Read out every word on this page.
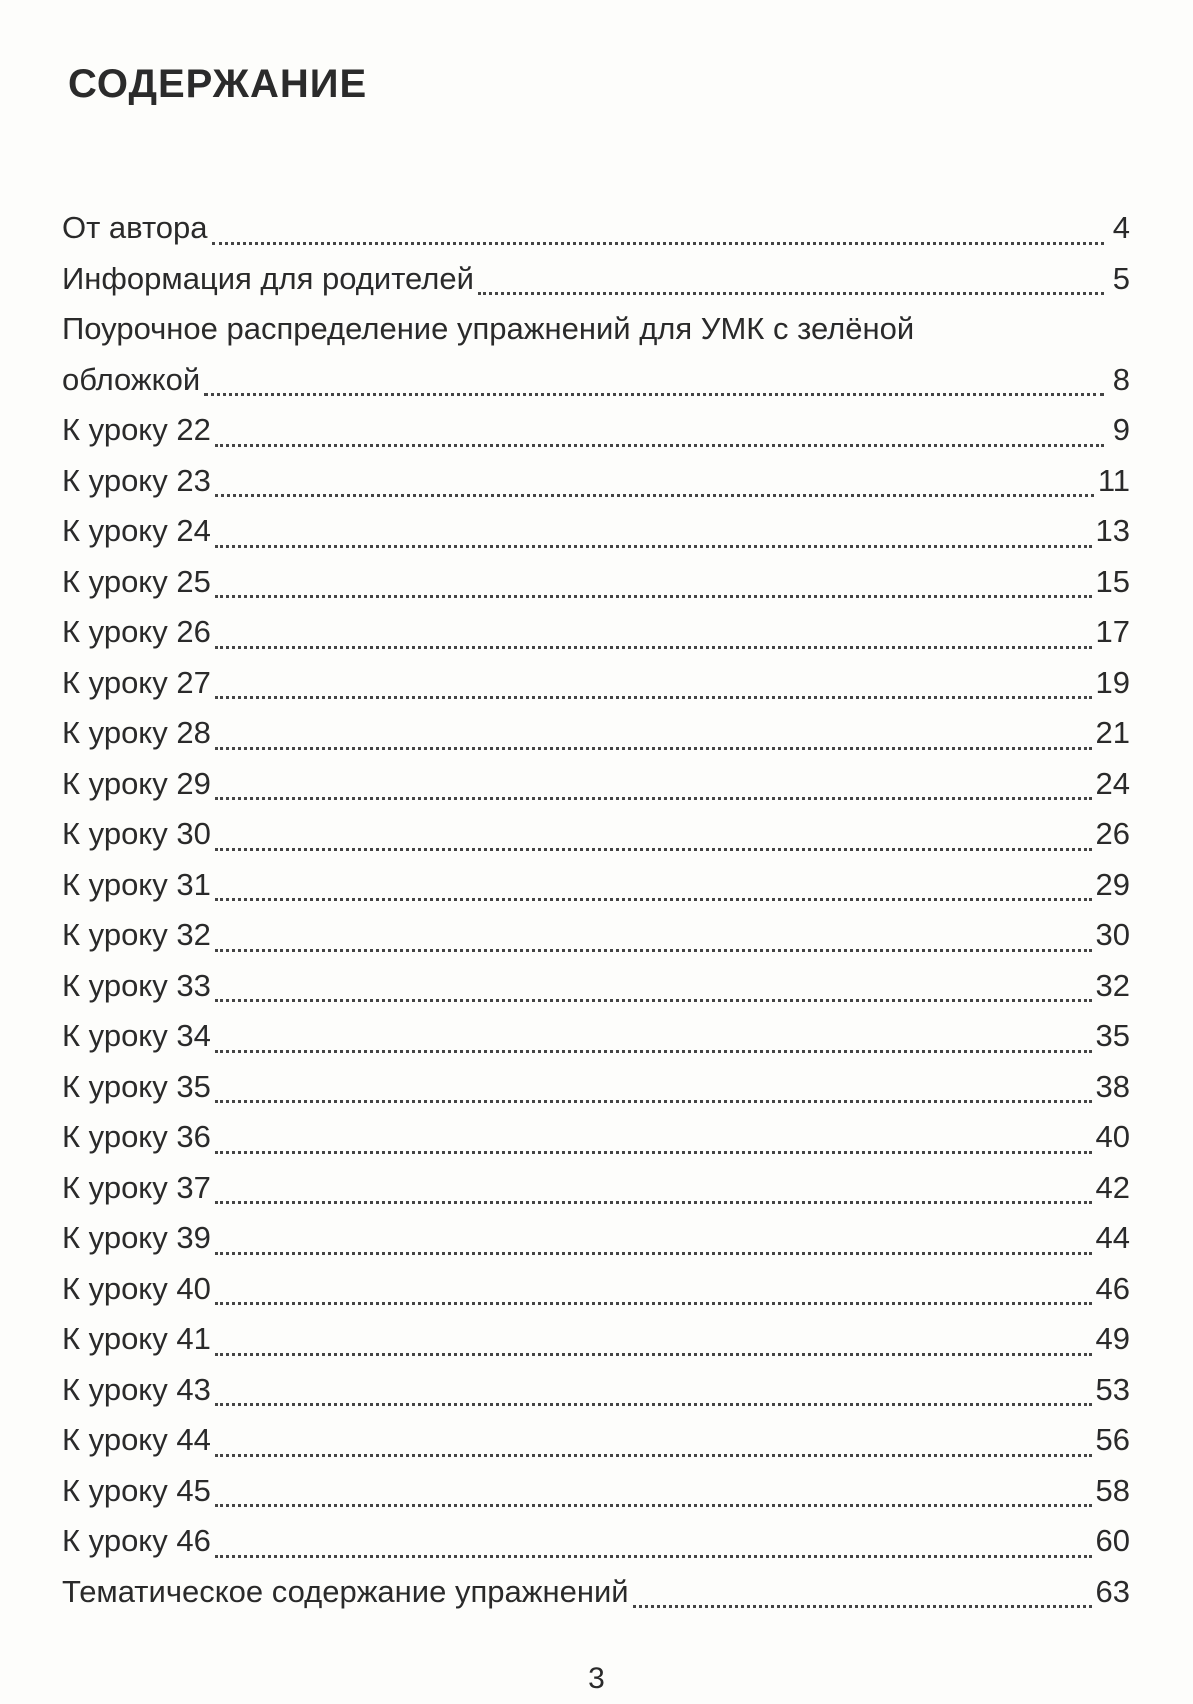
СОДЕРЖАНИЕ
От автора	4
Информация для родителей	5
Поурочное распределение упражнений для УМК с зелёной
обложкой	8
К уроку 22	9
К уроку 23	11
К уроку 24	13
К уроку 25	15
К уроку 26	17
К уроку 27	19
К уроку 28	21
К уроку 29	24
К уроку 30	26
К уроку 31	29
К уроку 32	30
К уроку 33	32
К уроку 34	35
К уроку 35	38
К уроку 36	40
К уроку 37	42
К уроку 39	44
К уроку 40	46
К уроку 41	49
К уроку 43	53
К уроку 44	56
К уроку 45	58
К уроку 46	60
Тематическое содержание упражнений	63
3
